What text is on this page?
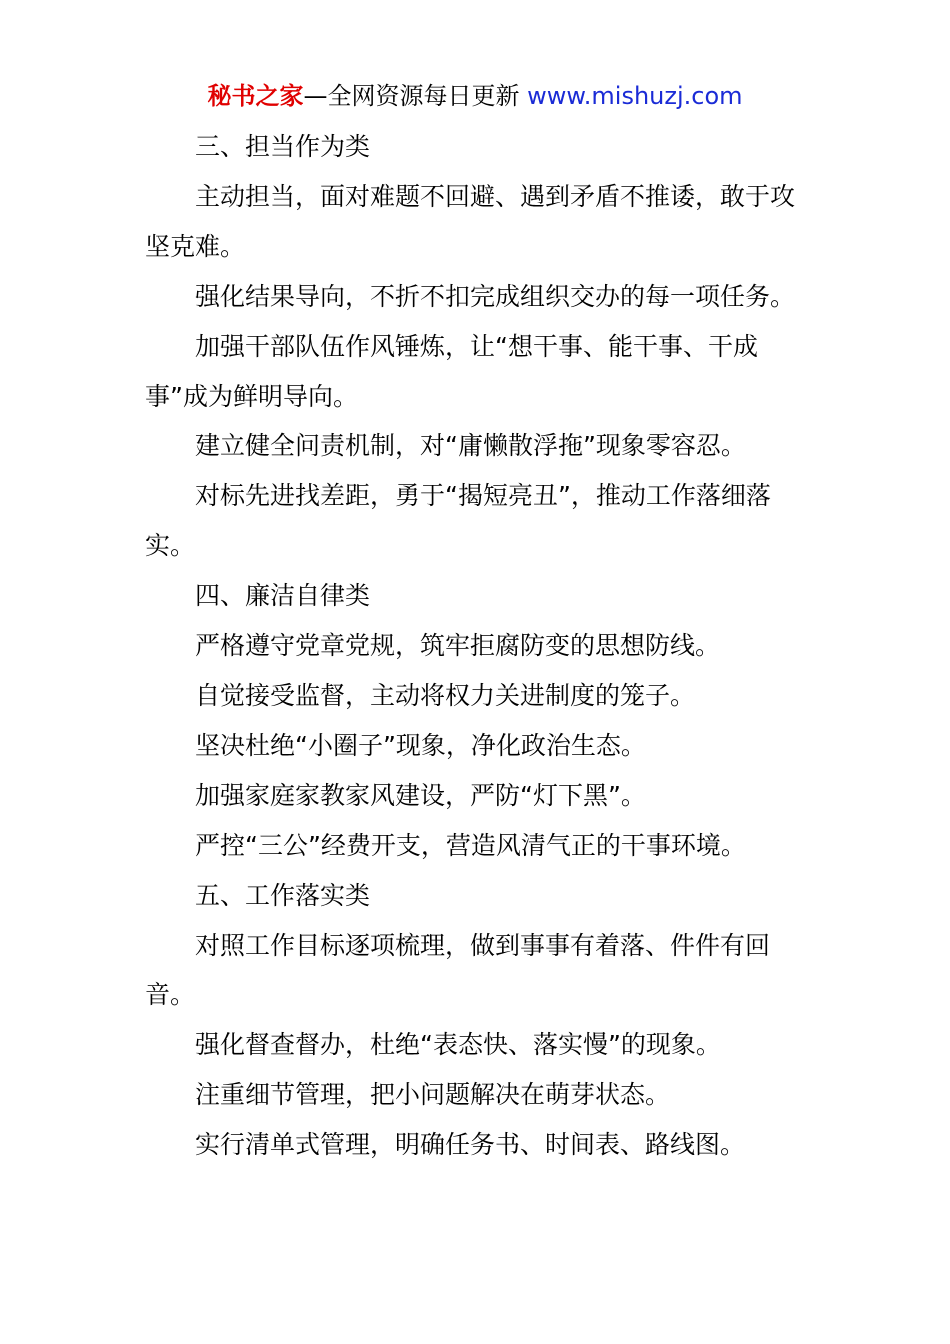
秘书之家—全网资源每日更新 www.mishuzj.com

三、担当作为类

主动担当，面对难题不回避、遇到矛盾不推诿，敢于攻坚克难。

强化结果导向，不折不扣完成组织交办的每一项任务。

加强干部队伍作风锤炼，让“想干事、能干事、干成事”成为鲜明导向。

建立健全问责机制，对“庸懒散浮拖”现象零容忍。

对标先进找差距，勇于“揭短亮丑”，推动工作落细落实。

四、廉洁自律类

严格遵守党章党规，筑牢拒腐防变的思想防线。

自觉接受监督，主动将权力关进制度的笼子。

坚决杜绝“小圈子”现象，净化政治生态。

加强家庭家教家风建设，严防“灯下黑”。

严控“三公”经费开支，营造风清气正的干事环境。

五、工作落实类

对照工作目标逐项梳理，做到事事有着落、件件有回音。

强化督查督办，杜绝“表态快、落实慢”的现象。

注重细节管理，把小问题解决在萌芽状态。

实行清单式管理，明确任务书、时间表、路线图。
